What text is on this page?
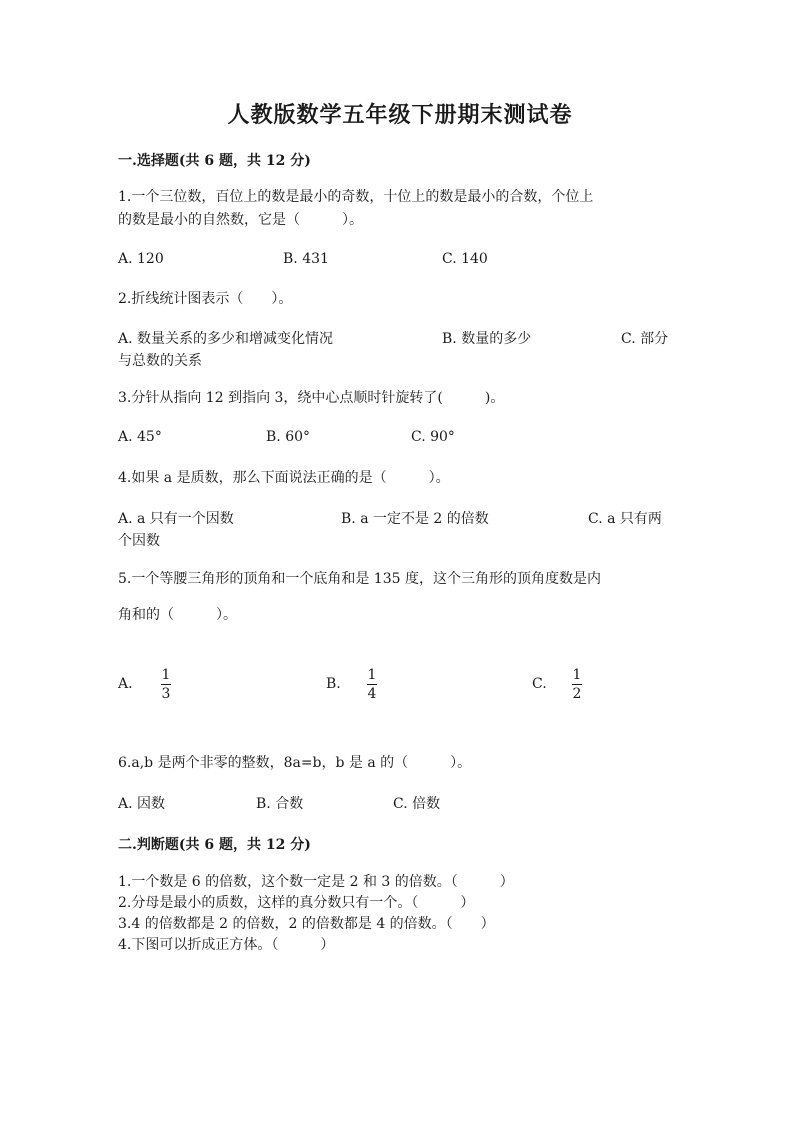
人教版数学五年级下册期末测试卷
一.选择题(共 6 题，共 12 分)
1.一个三位数，百位上的数是最小的奇数，十位上的数是最小的合数，个位上
的数是最小的自然数，它是（　　　）。
A. 120	B. 431	C. 140
2.折线统计图表示（　　）。
A. 数量关系的多少和增减变化情况	B. 数量的多少	C. 部分
与总数的关系
3.分针从指向 12 到指向 3，绕中心点顺时针旋转了(　　　)。
A. 45°	B. 60°	C. 90°
4.如果 a 是质数，那么下面说法正确的是（　　　）。
A. a 只有一个因数	B. a 一定不是 2 的倍数	C. a 只有两
个因数
5.一个等腰三角形的顶角和一个底角和是 135 度，这个三角形的顶角度数是内
角和的（　　　）。
A.
1
3
B.
1
4
C.
1
2
6.a,b 是两个非零的整数，8a=b，b 是 a 的（　　　）。
A. 因数	B. 合数	C. 倍数
二.判断题(共 6 题，共 12 分)
1.一个数是 6 的倍数，这个数一定是 2 和 3 的倍数。（　　　）
2.分母是最小的质数，这样的真分数只有一个。（　　　）
3.4 的倍数都是 2 的倍数，2 的倍数都是 4 的倍数。（　　）
4.下图可以折成正方体。（　　　）
